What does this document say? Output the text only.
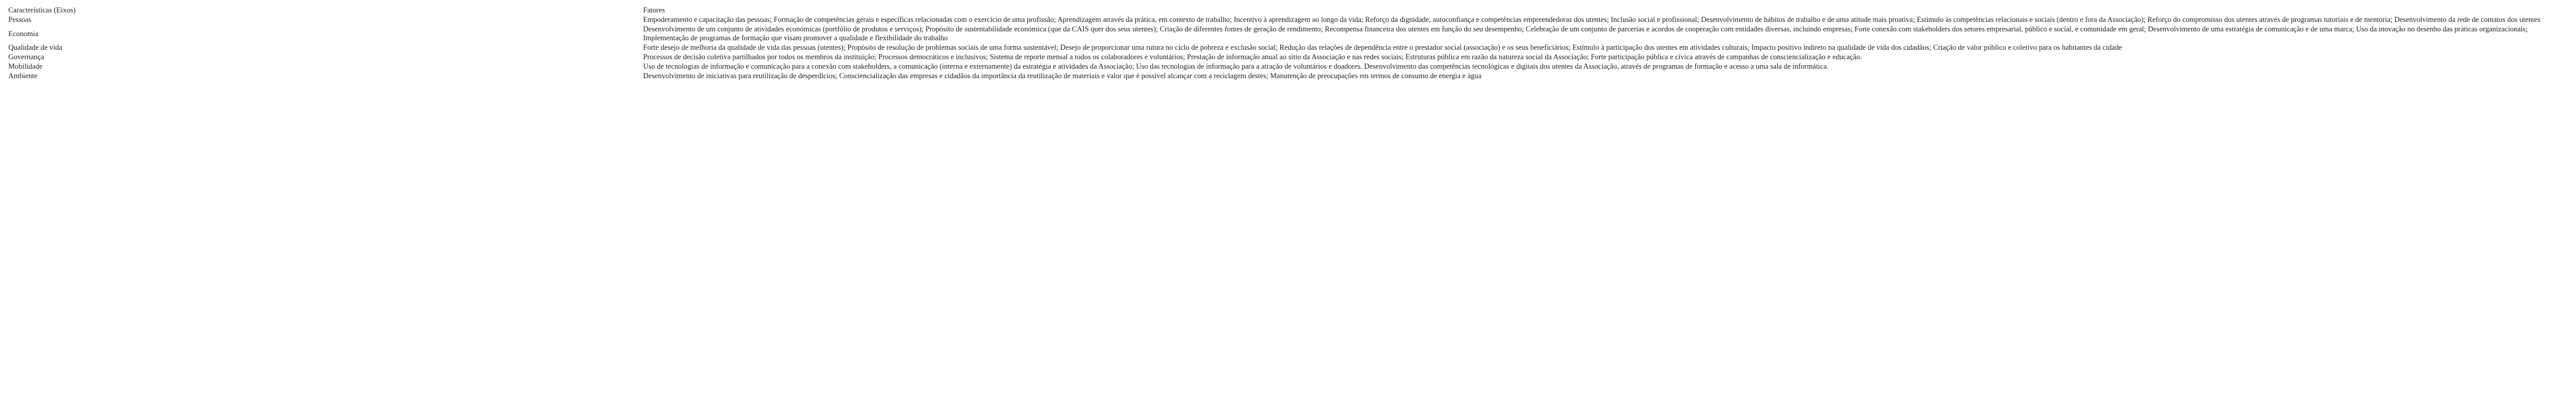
Características (Eixos)	Fatores
Pessoas	Empoderamento e capacitação das pessoas; Formação de competências gerais e específicas relacionadas com o exercício de uma profissão; Aprendizagem através da prática, em contexto de trabalho; Incentivo à aprendizagem ao longo da vida; Reforço da dignidade, autoconfiança e competências empreendedoras dos utentes; Inclusão social e profissional; Desenvolvimento de hábitos de trabalho e de uma atitude mais proativa; Estímulo às competências relacionais e sociais (dentro e fora da Associação); Reforço do compromisso dos utentes através de programas tutoriais e de mentoria; Desenvolvimento da rede de contatos dos utentes
Economia	Desenvolvimento de um conjunto de atividades económicas (portfólio de produtos e serviços); Propósito de sustentabilidade económica (que da CAIS quer dos seus utentes); Criação de diferentes fontes de geração de rendimento; Recompensa financeira dos utentes em função do seu desempenho; Celebração de um conjunto de parcerias e acordos de cooperação com entidades diversas, incluindo empresas; Forte conexão com stakeholders dos setores empresarial, público e social, e comunidade em geral; Desenvolvimento de uma estratégia de comunicação e de uma marca; Uso da inovação no desenho das práticas organizacionais; Implementação de programas de formação que visam promover a qualidade e flexibilidade do trabalho
Qualidade de vida	Forte desejo de melhoria da qualidade de vida das pessoas (utentes); Propósito de resolução de problemas sociais de uma forma sustentável; Desejo de proporcionar uma rutura no ciclo de pobreza e exclusão social; Redução das relações de dependência entre o prestador social (associação) e os seus beneficiários; Estímulo à participação dos utentes em atividades culturais; Impacto positivo indireto na qualidade de vida dos cidadãos; Criação de valor público e coletivo para os habitantes da cidade
Governança	Processos de decisão coletiva partilhados por todos os membros da instituição; Processos democráticos e inclusivos; Sistema de reporte mensal a todos os colaboradores e voluntários; Prestação de informação anual ao sitio da Associação e nas redes sociais; Estruturas pública em razão da natureza social da Associação; Forte participação pública e cívica através de campanhas de consciencialização e educação.
Mobilidade	Uso de tecnologias de informação e comunicação para a conexão com stakeholders, a comunicação (interna e externamente) da estratégia e atividades da Associação; Uso das tecnologias de informação para a atração de voluntários e doadores. Desenvolvimento das competências tecnológicas e digitais dos utentes da Associação, através de programas de formação e acesso a uma sala de informática.
Ambiente	Desenvolvimento de iniciativas para reutilização de desperdícios; Consciencialização das empresas e cidadãos da importância da reutilização de materiais e valor que é possível alcançar com a reciclagem destes; Manutenção de preocupações em termos de consumo de energia e água
